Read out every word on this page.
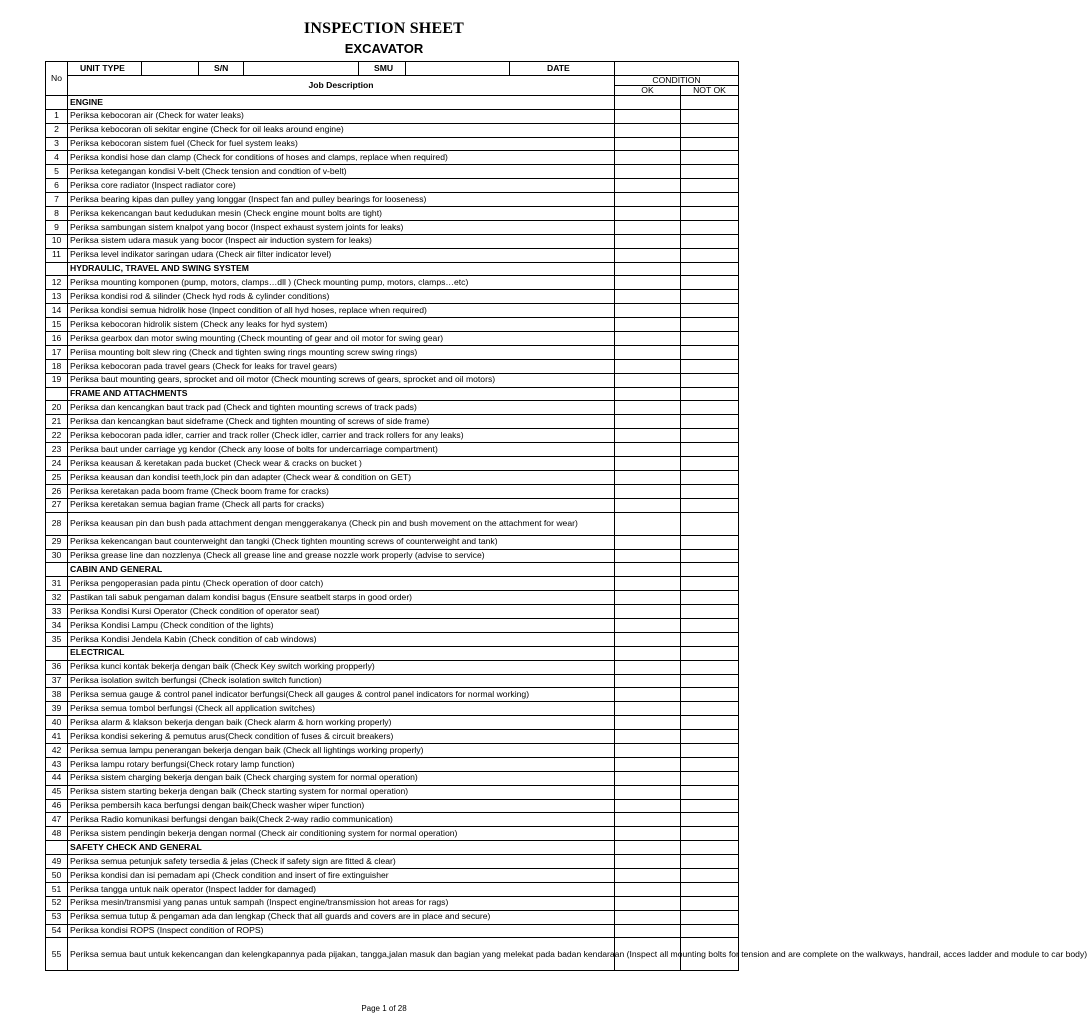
INSPECTION SHEET
EXCAVATOR
No	UNIT TYPE		S/N		SMU		DATE		
	Job Description							CONDITION	
								OK	NOT OK
	ENGINE								
1	Periksa kebocoran air (Check for water leaks)								
2	Periksa kebocoran oli sekitar engine (Check for oil leaks around engine)								
3	Periksa kebocoran sistem fuel (Check for fuel system leaks)								
4	Periksa kondisi hose dan clamp (Check for conditions of hoses and clamps, replace when required)								
5	Periksa ketegangan kondisi V-belt (Check tension and condtion of v-belt)								
6	Periksa core radiator (Inspect radiator core)								
7	Periksa bearing kipas dan pulley yang longgar (Inspect fan and pulley bearings for looseness)								
8	Periksa kekencangan baut kedudukan mesin (Check engine mount bolts are tight)								
9	Periksa sambungan sistem knalpot yang bocor (Inspect exhaust system joints for leaks)								
10	Periksa sistem udara masuk yang bocor (Inspect air induction system for leaks)								
11	Periksa level indikator saringan udara (Check air filter indicator level)								
	HYDRAULIC, TRAVEL AND SWING SYSTEM								
12	Periksa mounting komponen (pump, motors, clamps…dll ) (Check mounting pump, motors, clamps…etc)								
13	Periksa kondisi rod & silinder (Check hyd rods & cylinder conditions)								
14	Periksa kondisi semua hidrolik hose (Inpect condition of all hyd hoses, replace when required)								
15	Periksa kebocoran hidrolik sistem (Check any leaks for hyd system)								
16	Periksa gearbox dan motor swing mounting (Check mounting of gear and oil motor for swing gear)								
17	Periisa mounting bolt slew ring (Check and tighten swing rings mounting screw swing rings)								
18	Periksa kebocoran pada travel gears (Check for leaks for travel gears)								
19	Periksa baut mounting gears, sprocket and oil motor (Check mounting screws of gears, sprocket and oil motors)								
	FRAME AND ATTACHMENTS								
20	Periksa dan kencangkan baut track pad (Check and tighten mounting screws of track pads)								
21	Periksa dan kencangkan baut sideframe (Check and tighten mounting of screws of side frame)								
22	Periksa kebocoran pada idler, carrier and track roller (Check idler, carrier and track rollers for any leaks)								
23	Periksa baut under carriage yg kendor (Check any loose of bolts for undercarriage compartment)								
24	Periksa keausan & keretakan pada bucket (Check wear & cracks on bucket )								
25	Periksa keausan dan kondisi teeth,lock pin dan adapter (Check wear & condition on GET)								
26	Periksa keretakan pada boom frame (Check boom frame for cracks)								
27	Periksa keretakan semua bagian frame (Check all parts for cracks)								
28	Periksa keausan pin dan bush pada attachment dengan menggerakanya (Check pin and bush movement on the attachment for wear)								
29	Periksa kekencangan baut counterweight dan tangki (Check tighten mounting screws of counterweight and tank)								
30	Periksa grease line dan nozzlenya (Check all grease line and grease nozzle work properly (advise to service)								
	CABIN AND GENERAL								
31	Periksa pengoperasian pada pintu (Check operation of door catch)								
32	Pastikan tali sabuk pengaman dalam kondisi bagus (Ensure seatbelt starps in good order)								
33	Periksa Kondisi Kursi Operator (Check condition of operator seat)								
34	Periksa Kondisi Lampu (Check condition of the lights)								
35	Periksa Kondisi Jendela Kabin (Check condition of cab windows)								
	ELECTRICAL								
36	Periksa kunci kontak bekerja dengan baik (Check Key switch working propperly)								
37	Periksa isolation switch berfungsi (Check isolation switch function)								
38	Periksa semua gauge & control panel indicator berfungsi(Check all gauges & control panel indicators for normal working)								
39	Periksa semua tombol berfungsi (Check all application switches)								
40	Periksa alarm & klakson bekerja dengan baik (Check alarm & horn working properly)								
41	Periksa kondisi sekering & pemutus arus(Check condition of fuses & circuit breakers)								
42	Periksa semua lampu penerangan bekerja dengan baik (Check all lightings working properly)								
43	Periksa lampu rotary berfungsi(Check rotary lamp function)								
44	Periksa sistem charging bekerja dengan baik (Check charging system for normal operation)								
45	Periksa sistem starting bekerja dengan baik (Check starting system for normal operation)								
46	Periksa pembersih kaca berfungsi dengan baik(Check washer wiper function)								
47	Periksa Radio komunikasi berfungsi dengan baik(Check 2-way radio communication)								
48	Periksa sistem pendingin bekerja dengan normal (Check air conditioning system for normal operation)								
	SAFETY CHECK AND GENERAL								
49	Periksa semua petunjuk safety tersedia & jelas (Check if safety sign are fitted & clear)								
50	Periksa kondisi dan isi pemadam api (Check condition and insert of fire extinguisher								
51	Periksa tangga untuk naik operator (Inspect ladder for damaged)								
52	Periksa mesin/transmisi yang panas untuk sampah (Inspect engine/transmission hot areas for rags)								
53	Periksa semua tutup & pengaman ada dan lengkap (Check that all guards and covers are in place and secure)								
54	Periksa kondisi ROPS (Inspect condition of ROPS)								
55	Periksa semua baut untuk kekencangan dan kelengkapannya pada pijakan, tangga,jalan masuk dan bagian yang melekat pada badan kendaraan (Inspect all mounting bolts for tension and are complete on the walkways, handrail, acces ladder and module to car body)								
Page 1 of 28
